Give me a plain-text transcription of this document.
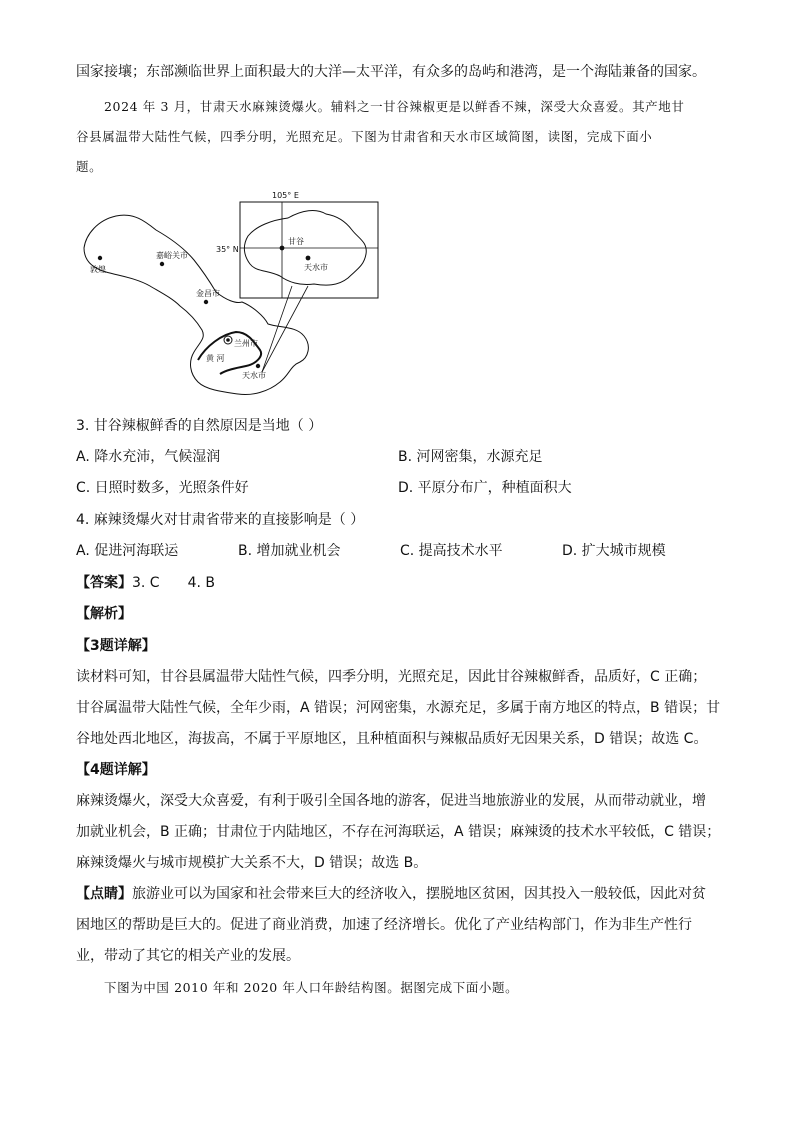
国家接壤；东部濒临世界上面积最大的大洋—太平洋，有众多的岛屿和港湾，是一个海陆兼备的国家。
2024 年 3 月，甘肃天水麻辣烫爆火。辅料之一甘谷辣椒更是以鲜香不辣，深受大众喜爱。其产地甘
谷县属温带大陆性气候，四季分明，光照充足。下图为甘肃省和天水市区域简图，读图，完成下面小
题。
105° E
35° N
敦煌
嘉峪关市
金昌市
兰州市
黄 河
天水市
甘谷
天水市
3. 甘谷辣椒鲜香的自然原因是当地（ ）
A. 降水充沛，气候湿润	B. 河网密集，水源充足
C. 日照时数多，光照条件好	D. 平原分布广，种植面积大
4. 麻辣烫爆火对甘肃省带来的直接影响是（ ）
A. 促进河海联运	B. 增加就业机会	C. 提高技术水平	D. 扩大城市规模
【答案】3. C 4. B
【解析】
【3题详解】
读材料可知，甘谷县属温带大陆性气候，四季分明，光照充足，因此甘谷辣椒鲜香，品质好，C 正确；
甘谷属温带大陆性气候，全年少雨，A 错误；河网密集，水源充足，多属于南方地区的特点，B 错误；甘
谷地处西北地区，海拔高，不属于平原地区，且种植面积与辣椒品质好无因果关系，D 错误；故选 C。
【4题详解】
麻辣烫爆火，深受大众喜爱，有利于吸引全国各地的游客，促进当地旅游业的发展，从而带动就业，增
加就业机会，B 正确；甘肃位于内陆地区，不存在河海联运，A 错误；麻辣烫的技术水平较低，C 错误；
麻辣烫爆火与城市规模扩大关系不大，D 错误；故选 B。
【点睛】旅游业可以为国家和社会带来巨大的经济收入，摆脱地区贫困，因其投入一般较低，因此对贫
困地区的帮助是巨大的。促进了商业消费，加速了经济增长。优化了产业结构部门，作为非生产性行
业，带动了其它的相关产业的发展。
下图为中国 2010 年和 2020 年人口年龄结构图。据图完成下面小题。
